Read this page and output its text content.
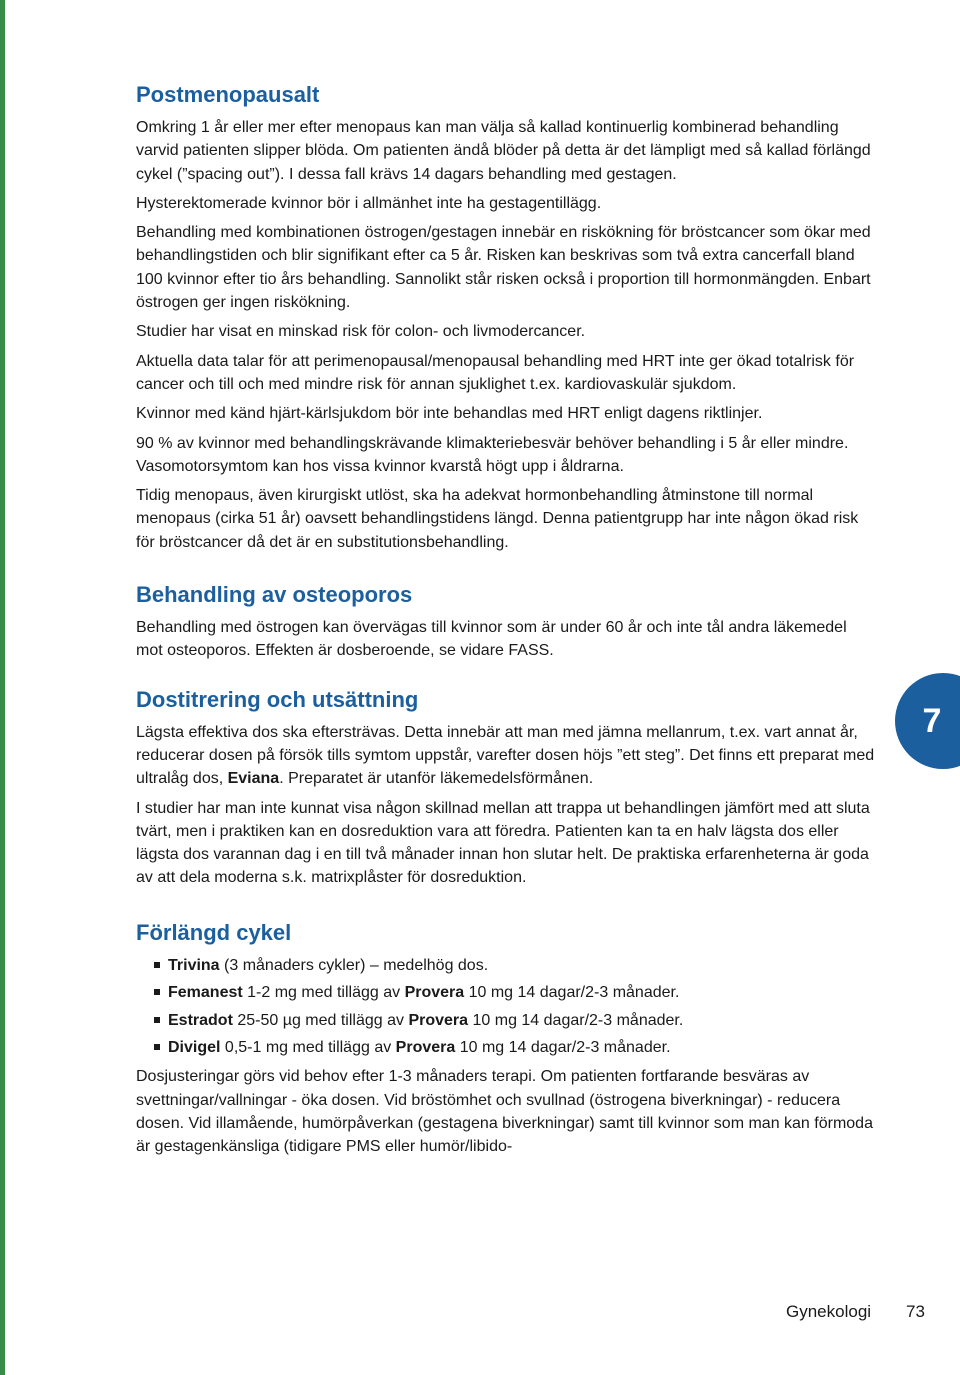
Postmenopausalt

Omkring 1 år eller mer efter menopaus kan man välja så kallad kontinuerlig kombinerad behandling varvid patienten slipper blöda. Om patienten ändå blöder på detta är det lämpligt med så kallad förlängd cykel (”spacing out”). I dessa fall krävs 14 dagars behandling med gestagen.

Hysterektomerade kvinnor bör i allmänhet inte ha gestagentillägg.

Behandling med kombinationen östrogen/gestagen innebär en riskökning för bröstcancer som ökar med behandlingstiden och blir signifikant efter ca 5 år. Risken kan beskrivas som två extra cancerfall bland 100 kvinnor efter tio års behandling. Sannolikt står risken också i proportion till hormonmängden. Enbart östrogen ger ingen riskökning.

Studier har visat en minskad risk för colon- och livmodercancer.

Aktuella data talar för att perimenopausal/menopausal behandling med HRT inte ger ökad totalrisk för cancer och till och med mindre risk för annan sjuklighet t.ex. kardiovaskulär sjukdom.

Kvinnor med känd hjärt-kärlsjukdom bör inte behandlas med HRT enligt dagens riktlinjer.

90 % av kvinnor med behandlingskrävande klimakteriebesvär behöver behandling i 5 år eller mindre. Vasomotorsymtom kan hos vissa kvinnor kvarstå högt upp i åldrarna.

Tidig menopaus, även kirurgiskt utlöst, ska ha adekvat hormonbehandling åtminstone till normal menopaus (cirka 51 år) oavsett behandlingstidens längd. Denna patientgrupp har inte någon ökad risk för bröstcancer då det är en substitutionsbehandling.

Behandling av osteoporos

Behandling med östrogen kan övervägas till kvinnor som är under 60 år och inte tål andra läkemedel mot osteoporos. Effekten är dosberoende, se vidare FASS.

Dostitrering och utsättning

Lägsta effektiva dos ska eftersträvas. Detta innebär att man med jämna mellanrum, t.ex. vart annat år, reducerar dosen på försök tills symtom uppstår, varefter dosen höjs ”ett steg”. Det finns ett preparat med ultralåg dos, Eviana. Preparatet är utanför läkemedelsförmånen.

I studier har man inte kunnat visa någon skillnad mellan att trappa ut behandlingen jämfört med att sluta tvärt, men i praktiken kan en dosreduktion vara att föredra. Patienten kan ta en halv lägsta dos eller lägsta dos varannan dag i en till två månader innan hon slutar helt. De praktiska erfarenheterna är goda av att dela moderna s.k. matrixplåster för dosreduktion.

Förlängd cykel
Trivina (3 månaders cykler) – medelhög dos.
Femanest 1-2 mg med tillägg av Provera 10 mg 14 dagar/2-3 månader.
Estradot 25-50 µg med tillägg av Provera 10 mg 14 dagar/2-3 månader.
Divigel 0,5-1 mg med tillägg av Provera 10 mg 14 dagar/2-3 månader.

Dosjusteringar görs vid behov efter 1-3 månaders terapi. Om patienten fortfarande besväras av svettningar/vallningar - öka dosen. Vid bröstömhet och svullnad (östrogena biverkningar) - reducera dosen. Vid illamående, humörpåverkan (gestagena biverkningar) samt till kvinnor som man kan förmoda är gestagenkänsliga (tidigare PMS eller humör/libido-

7
Gynekologi 73
